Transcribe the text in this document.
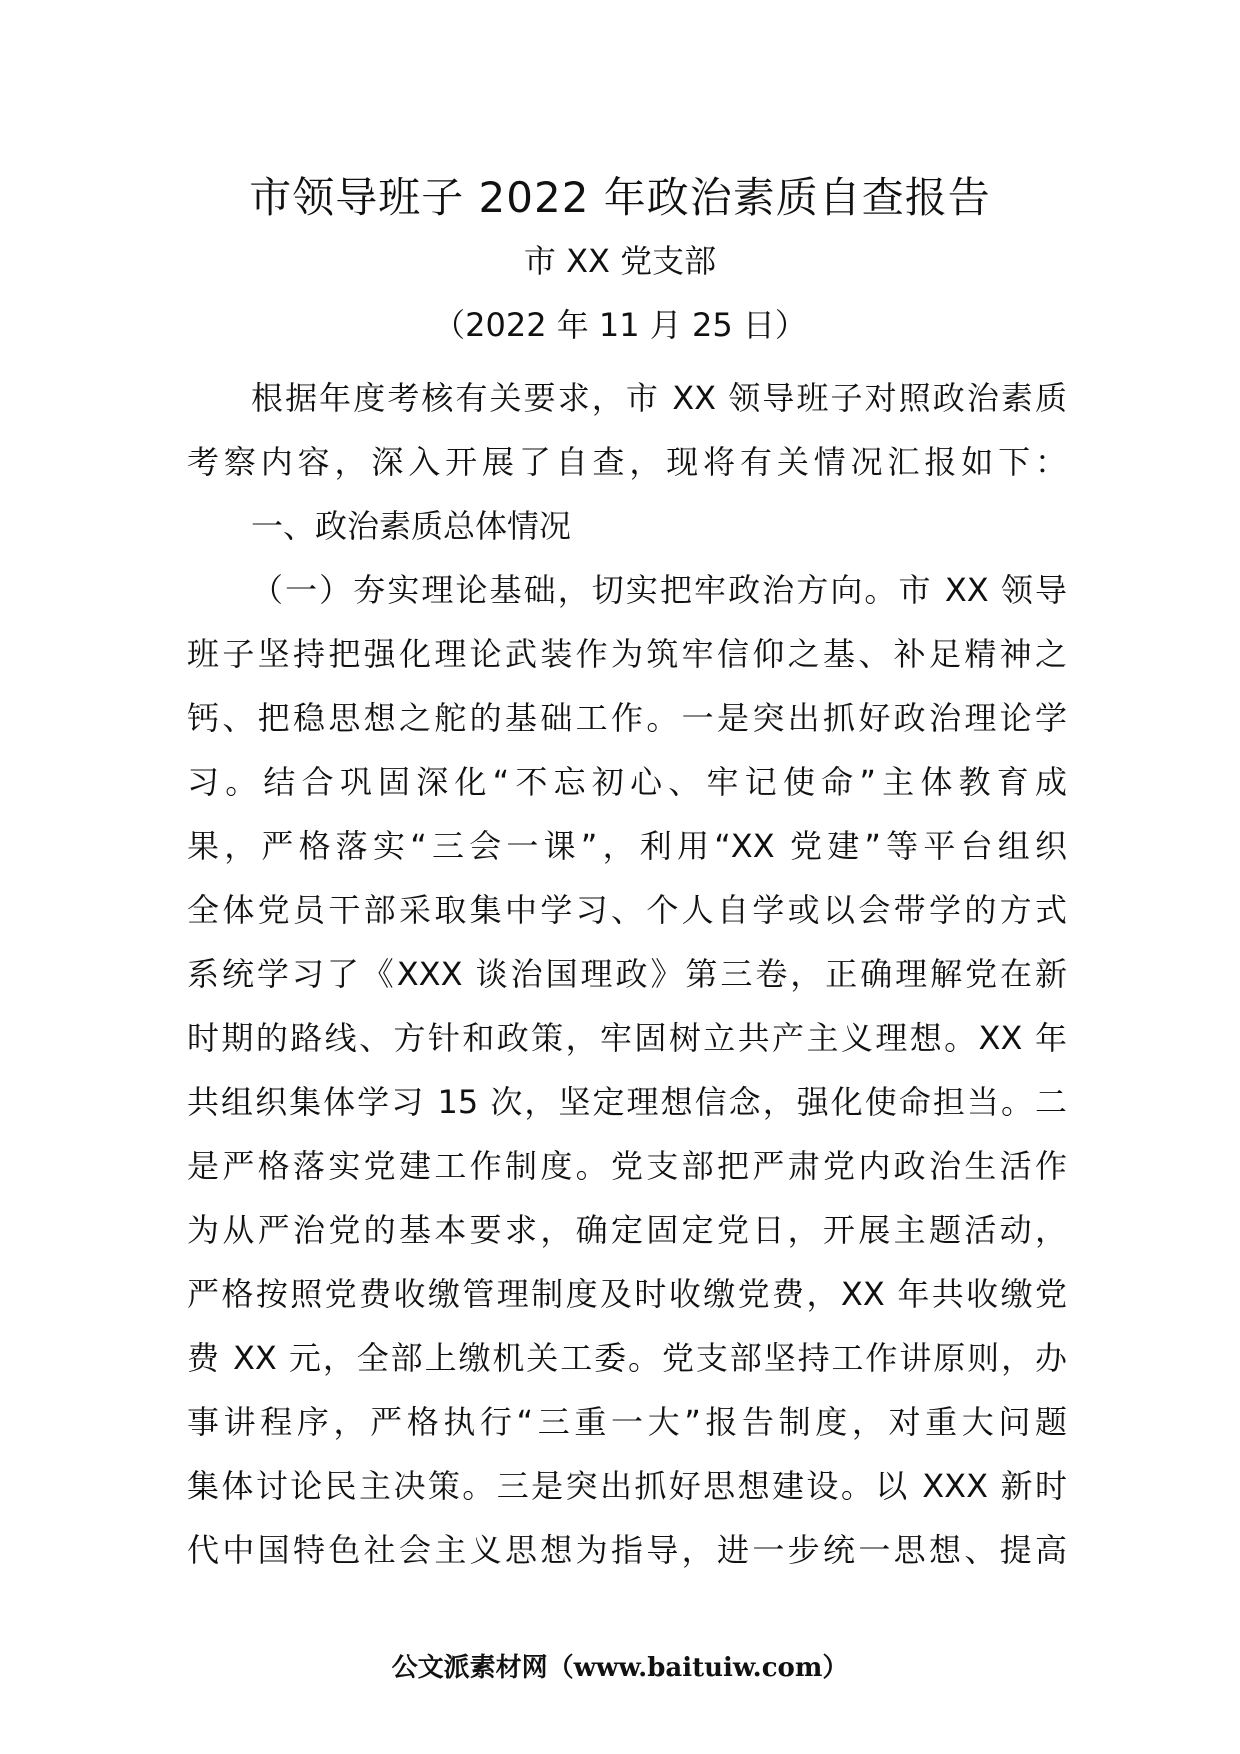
市领导班子 2022 年政治素质自查报告
市 XX 党支部
（2022 年 11 月 25 日）
根据年度考核有关要求，市 XX 领导班子对照政治素质
考察内容，深入开展了自查，现将有关情况汇报如下：
一、政治素质总体情况
（一）夯实理论基础，切实把牢政治方向。市 XX 领导
班子坚持把强化理论武装作为筑牢信仰之基、补足精神之
钙、把稳思想之舵的基础工作。一是突出抓好政治理论学
习。结合巩固深化“不忘初心、牢记使命”主体教育成
果，严格落实“三会一课”，利用“XX 党建”等平台组织
全体党员干部采取集中学习、个人自学或以会带学的方式
系统学习了《XXX 谈治国理政》第三卷，正确理解党在新
时期的路线、方针和政策，牢固树立共产主义理想。XX 年
共组织集体学习 15 次，坚定理想信念，强化使命担当。二
是严格落实党建工作制度。党支部把严肃党内政治生活作
为从严治党的基本要求，确定固定党日，开展主题活动，
严格按照党费收缴管理制度及时收缴党费，XX 年共收缴党
费 XX 元，全部上缴机关工委。党支部坚持工作讲原则，办
事讲程序，严格执行“三重一大”报告制度，对重大问题
集体讨论民主决策。三是突出抓好思想建设。以 XXX 新时
代中国特色社会主义思想为指导，进一步统一思想、提高
公文派素材网（www.baituiw.com）
